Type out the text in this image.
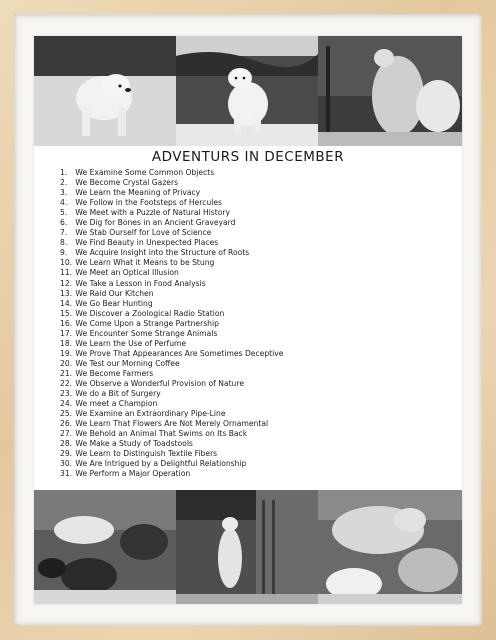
ADVENTURS IN DECEMBER
1. We Examine Some Common Objects
2. We Become Crystal Gazers
3. We Learn the Meaning of Privacy
4. We Follow in the Footsteps of Hercules
5. We Meet with a Puzzle of Natural History
6. We Dig for Bones in an Ancient Graveyard
7. We Stab Ourself for Love of Science
8. We Find Beauty in Unexpected Places
9. We Acquire Insight into the Structure of Roots
10. We Learn What it Means to be Stung
11. We Meet an Optical Illusion
12. We Take a Lesson in Food Analysis
13. We Raid Our Kitchen
14. We Go Bear Hunting
15. We Discover a Zoological Radio Station
16. We Come Upon a Strange Partnership
17. We Encounter Some Strange Animals
18. We Learn the Use of Perfume
19. We Prove That Appearances Are Sometimes Deceptive
20. We Test our Morning Coffee
21. We Become Farmers
22. We Observe a Wonderful Provision of Nature
23. We do a Bit of Surgery
24. We meet a Champion
25. We Examine an Extraordinary Pipe-Line
26. We Learn That Flowers Are Not Merely Ornamental
27. We Behold an Animal That Swims on Its Back
28. We Make a Study of Toadstools
29. We Learn to Distinguish Textile Fibers
30. We Are Intrigued by a Delightful Relationship
31. We Perform a Major Operation
